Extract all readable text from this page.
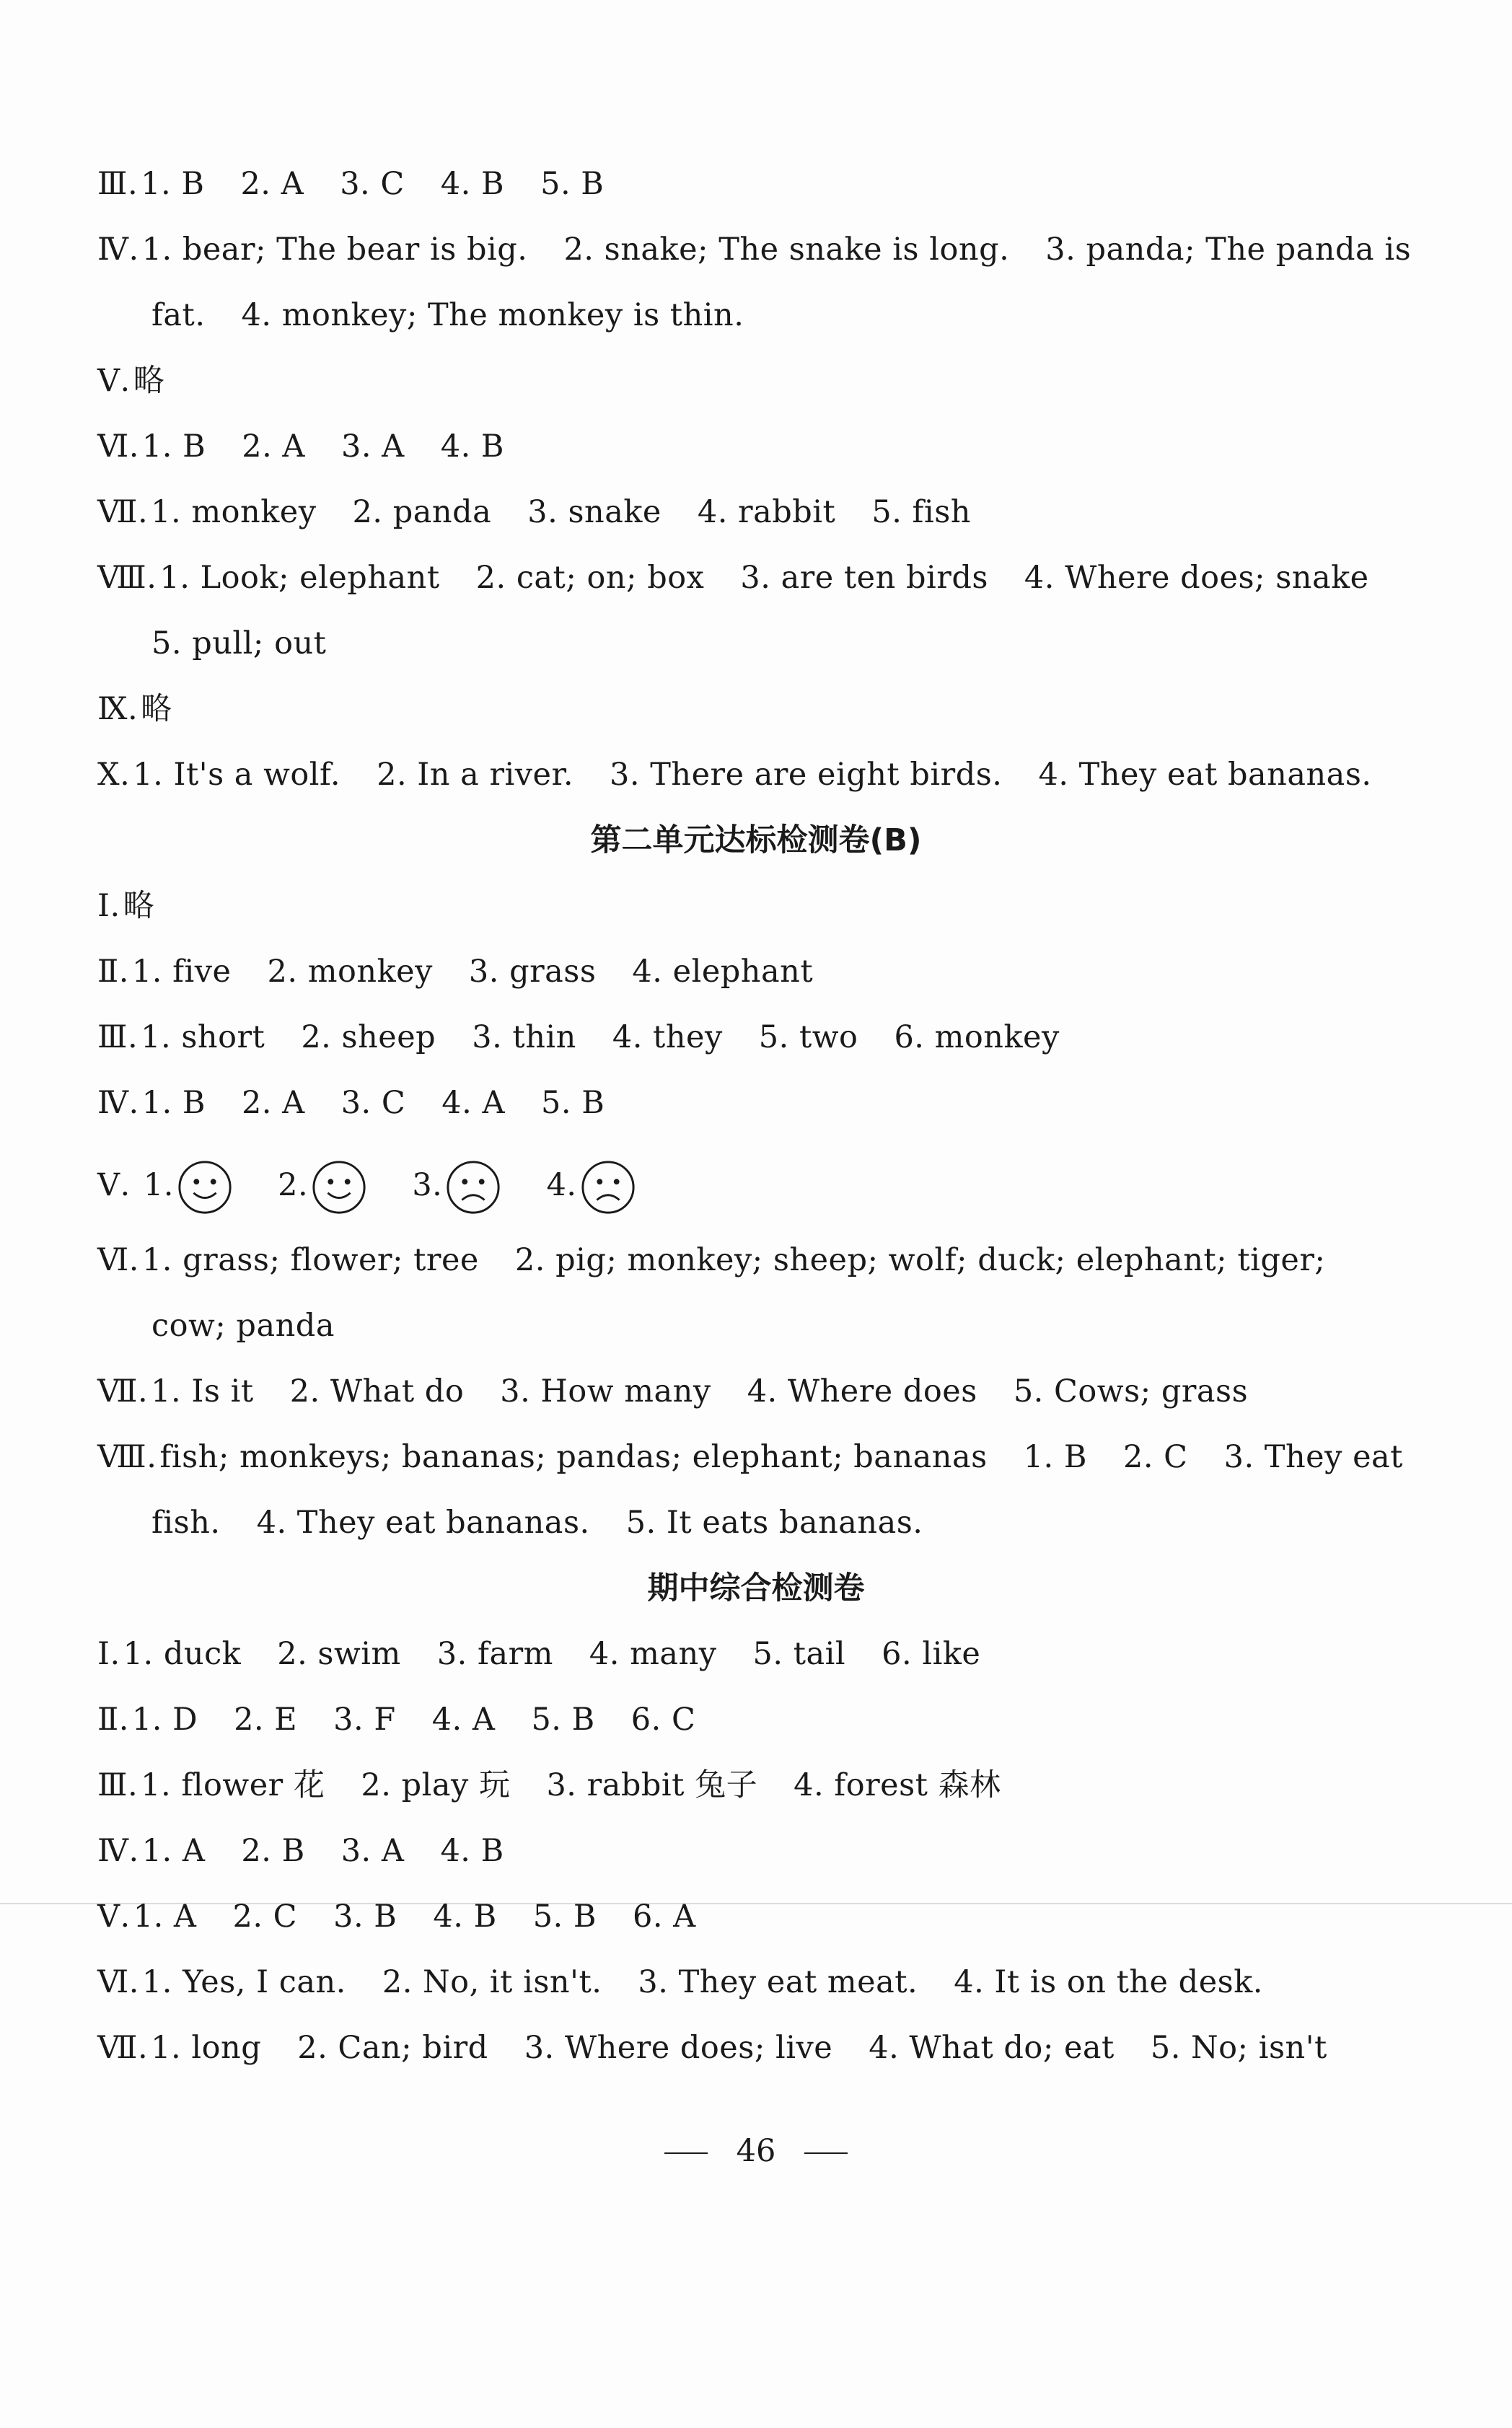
Ⅲ.1. B 2. A 3. C 4. B 5. B
Ⅳ.1. bear; The bear is big. 2. snake; The snake is long. 3. panda; The panda is
fat. 4. monkey; The monkey is thin.
Ⅴ.略
Ⅵ.1. B 2. A 3. A 4. B
Ⅶ.1. monkey 2. panda 3. snake 4. rabbit 5. fish
Ⅷ.1. Look; elephant 2. cat; on; box 3. are ten birds 4. Where does; snake
5. pull; out
Ⅸ.略
Ⅹ.1. It's a wolf. 2. In a river. 3. There are eight birds. 4. They eat bananas.
第二单元达标检测卷(B)
Ⅰ.略
Ⅱ.1. five 2. monkey 3. grass 4. elephant
Ⅲ.1. short 2. sheep 3. thin 4. they 5. two 6. monkey
Ⅳ.1. B 2. A 3. C 4. A 5. B
Ⅴ. 1.	2.	3.	4.
Ⅵ.1. grass; flower; tree 2. pig; monkey; sheep; wolf; duck; elephant; tiger;
cow; panda
Ⅶ.1. Is it 2. What do 3. How many 4. Where does 5. Cows; grass
Ⅷ.fish; monkeys; bananas; pandas; elephant; bananas 1. B 2. C 3. They eat
fish. 4. They eat bananas. 5. It eats bananas.
期中综合检测卷
Ⅰ.1. duck 2. swim 3. farm 4. many 5. tail 6. like
Ⅱ.1. D 2. E 3. F 4. A 5. B 6. C
Ⅲ.1. flower 花 2. play 玩 3. rabbit 兔子 4. forest 森林
Ⅳ.1. A 2. B 3. A 4. B
Ⅴ.1. A 2. C 3. B 4. B 5. B 6. A
Ⅵ.1. Yes, I can. 2. No, it isn't. 3. They eat meat. 4. It is on the desk.
Ⅶ.1. long 2. Can; bird 3. Where does; live 4. What do; eat 5. No; isn't
46
